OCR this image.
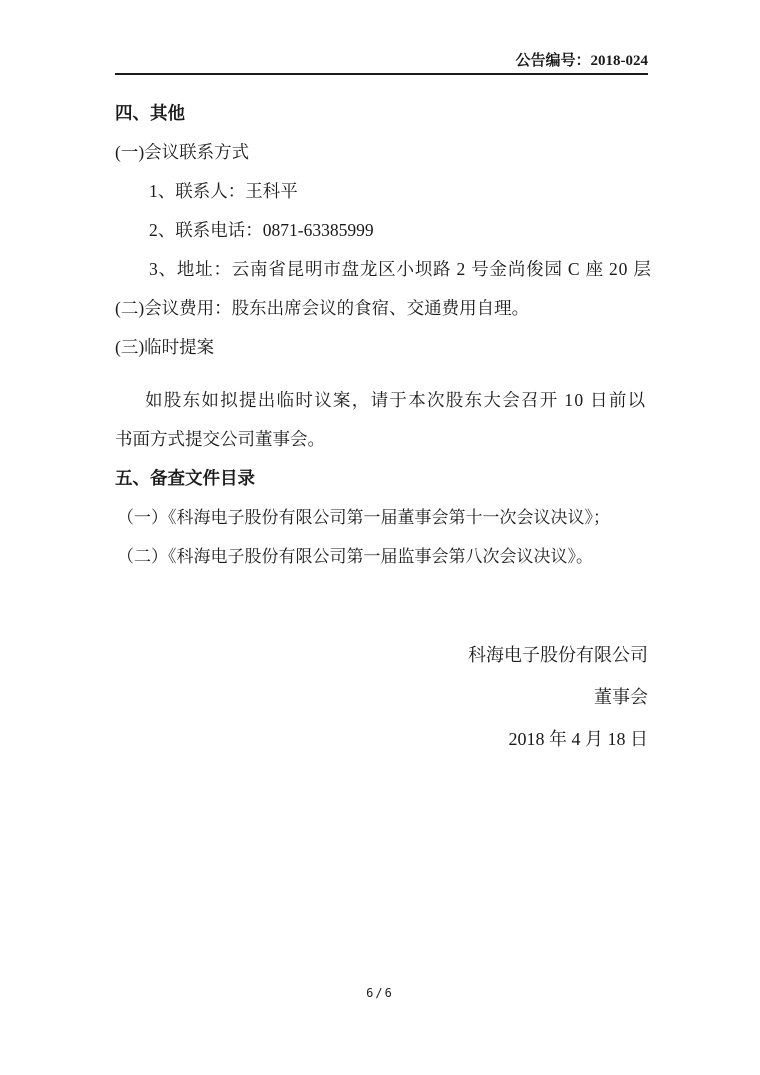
公告编号：2018-024

四、其他

(一)会议联系方式

1、联系人：王科平

2、联系电话：0871-63385999

3、地址：云南省昆明市盘龙区小坝路 2 号金尚俊园 C 座 20 层

(二)会议费用：股东出席会议的食宿、交通费用自理。

(三)临时提案

如股东如拟提出临时议案，请于本次股东大会召开 10 日前以

书面方式提交公司董事会。

五、备查文件目录

（一）《科海电子股份有限公司第一届董事会第十一次会议决议》；

（二）《科海电子股份有限公司第一届监事会第八次会议决议》。

科海电子股份有限公司

董事会

2018 年 4 月 18 日

6/6
